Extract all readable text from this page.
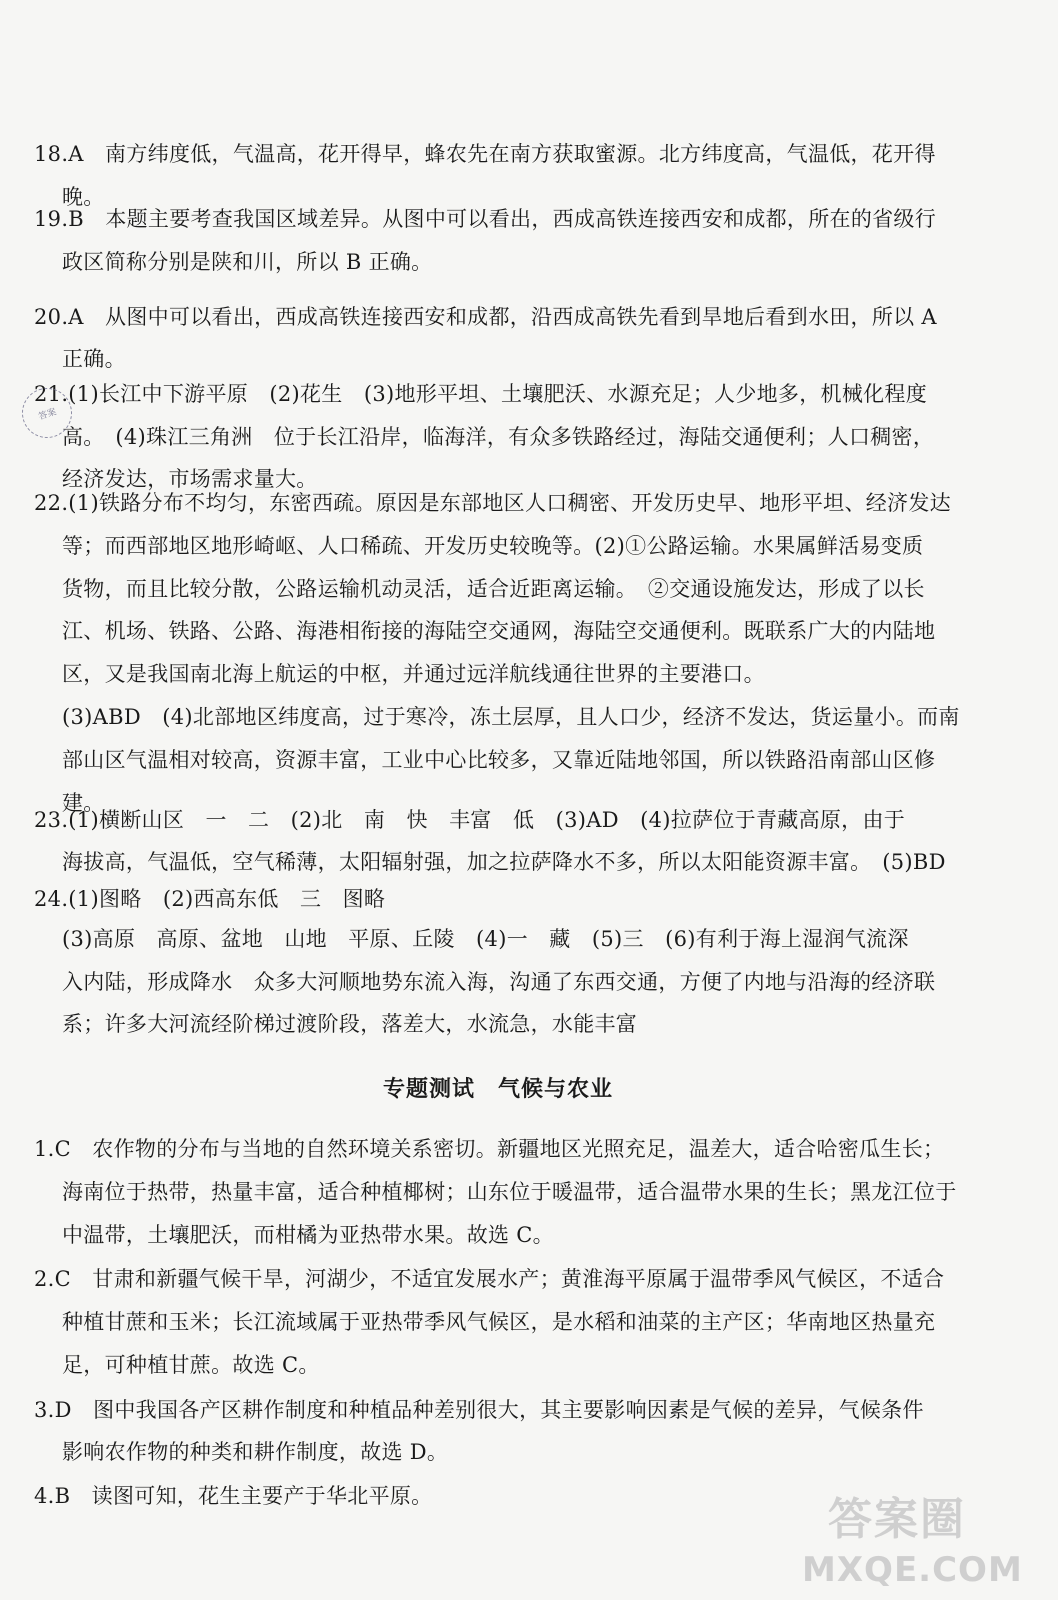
18.A　南方纬度低，气温高，花开得早，蜂农先在南方获取蜜源。北方纬度高，气温低，花开得
晚。
19.B　本题主要考查我国区域差异。从图中可以看出，西成高铁连接西安和成都，所在的省级行
政区简称分别是陕和川，所以 B 正确。
20.A　从图中可以看出，西成高铁连接西安和成都，沿西成高铁先看到旱地后看到水田，所以 A
正确。
21.(1)长江中下游平原　(2)花生　(3)地形平坦、土壤肥沃、水源充足；人少地多，机械化程度
高。　(4)珠江三角洲　位于长江沿岸，临海洋，有众多铁路经过，海陆交通便利；人口稠密，
经济发达，市场需求量大。
22.(1)铁路分布不均匀，东密西疏。原因是东部地区人口稠密、开发历史早、地形平坦、经济发达
等；而西部地区地形崎岖、人口稀疏、开发历史较晚等。(2)①公路运输。水果属鲜活易变质
货物，而且比较分散，公路运输机动灵活，适合近距离运输。　②交通设施发达，形成了以长
江、机场、铁路、公路、海港相衔接的海陆空交通网，海陆空交通便利。既联系广大的内陆地
区，又是我国南北海上航运的中枢，并通过远洋航线通往世界的主要港口。
(3)ABD　(4)北部地区纬度高，过于寒冷，冻土层厚，且人口少，经济不发达，货运量小。而南
部山区气温相对较高，资源丰富，工业中心比较多，又靠近陆地邻国，所以铁路沿南部山区修
建。
23.(1)横断山区　一　二　(2)北　南　快　丰富　低　(3)AD　(4)拉萨位于青藏高原，由于
海拔高，气温低，空气稀薄，太阳辐射强，加之拉萨降水不多，所以太阳能资源丰富。　(5)BD
24.(1)图略　(2)西高东低　三　图略
(3)高原　高原、盆地　山地　平原、丘陵　(4)一　藏　(5)三　(6)有利于海上湿润气流深
入内陆，形成降水　众多大河顺地势东流入海，沟通了东西交通，方便了内地与沿海的经济联
系；许多大河流经阶梯过渡阶段，落差大，水流急，水能丰富
专题测试　气候与农业
1.C　农作物的分布与当地的自然环境关系密切。新疆地区光照充足，温差大，适合哈密瓜生长；
海南位于热带，热量丰富，适合种植椰树；山东位于暖温带，适合温带水果的生长；黑龙江位于
中温带，土壤肥沃，而柑橘为亚热带水果。故选 C。
2.C　甘肃和新疆气候干旱，河湖少，不适宜发展水产；黄淮海平原属于温带季风气候区，不适合
种植甘蔗和玉米；长江流域属于亚热带季风气候区，是水稻和油菜的主产区；华南地区热量充
足，可种植甘蔗。故选 C。
3.D　图中我国各产区耕作制度和种植品种差别很大，其主要影响因素是气候的差异，气候条件
影响农作物的种类和耕作制度，故选 D。
4.B　读图可知，花生主要产于华北平原。
答案
答案圈
MXQE.COM
